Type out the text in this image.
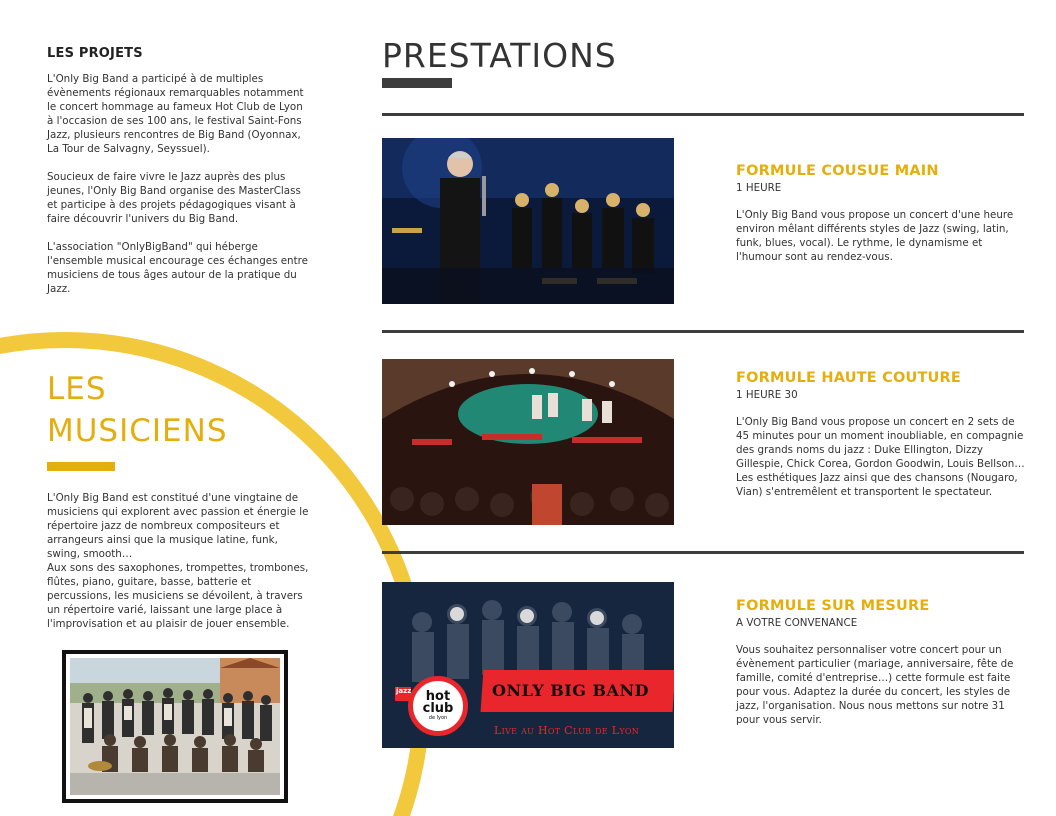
LES PROJETS

L'Only Big Band a participé à de multiples évènements régionaux remarquables notamment le concert hommage au fameux Hot Club de Lyon à l'occasion de ses 100 ans, le festival Saint-Fons Jazz, plusieurs rencontres de Big Band (Oyonnax, La Tour de Salvagny, Seyssuel).

Soucieux de faire vivre le Jazz auprès des plus jeunes, l'Only Big Band organise des MasterClass et participe à des projets pédagogiques visant à faire découvrir l'univers du Big Band.

L'association "OnlyBigBand" qui héberge l'ensemble musical encourage ces échanges entre musiciens de tous âges autour de la pratique du Jazz.

LES
MUSICIENS

L'Only Big Band est constitué d'une vingtaine de musiciens qui explorent avec passion et énergie le répertoire jazz de nombreux compositeurs et arrangeurs ainsi que la musique latine, funk, swing, smooth…

Aux sons des saxophones, trompettes, trombones, flûtes, piano, guitare, basse, batterie et percussions, les musiciens se dévoilent, à travers un répertoire varié, laissant une large place à l'improvisation et au plaisir de jouer ensemble.

PRESTATIONS
FORMULE COUSUE MAIN
1 HEURE

L'Only Big Band vous propose un concert d'une heure environ mêlant différents styles de Jazz (swing, latin, funk, blues, vocal). Le rythme, le dynamisme et l'humour sont au rendez-vous.

FORMULE HAUTE COUTURE
1 HEURE 30

L'Only Big Band vous propose un concert en 2 sets de 45 minutes pour un moment inoubliable, en compagnie des grands noms du jazz : Duke Ellington, Dizzy Gillespie, Chick Corea, Gordon Goodwin, Louis Bellson… Les esthétiques Jazz ainsi que des chansons (Nougaro, Vian) s'entremêlent et transportent le spectateur.

ONLY BIG BAND
Live au Hot Club de Lyon
jazz hot
club
de lyon
FORMULE SUR MESURE
A VOTRE CONVENANCE

Vous souhaitez personnaliser votre concert pour un évènement particulier (mariage, anniversaire, fête de famille, comité d'entreprise…) cette formule est faite pour vous. Adaptez la durée du concert, les styles de jazz, l'organisation. Nous nous mettons sur notre 31 pour vous servir.
